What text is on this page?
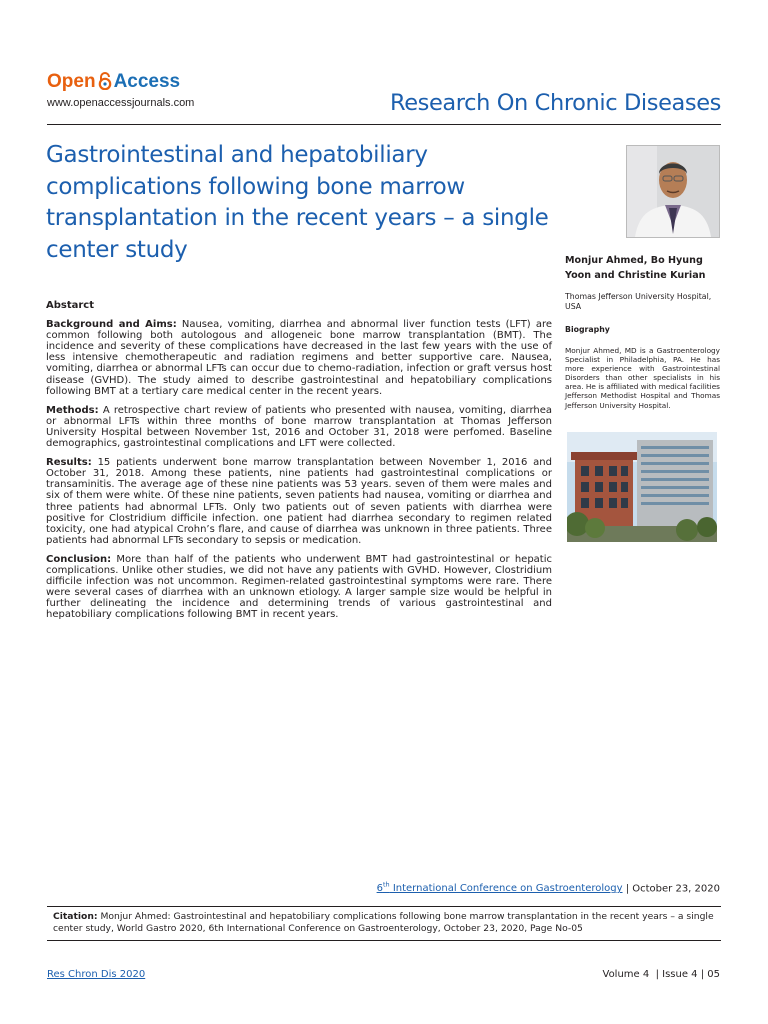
Open Access
www.openaccessjournals.com	Research On Chronic Diseases
Gastrointestinal and hepatobiliary complications following bone marrow transplantation in the recent years – a single center study
Abstarct

Background and Aims: Nausea, vomiting, diarrhea and abnormal liver function tests (LFT) are common following both autologous and allogeneic bone marrow transplantation (BMT). The incidence and severity of these complications have decreased in the last few years with the use of less intensive chemotherapeutic and radiation regimens and better supportive care. Nausea, vomiting, diarrhea or abnormal LFTs can occur due to chemo-radiation, infection or graft versus host disease (GVHD). The study aimed to describe gastrointestinal and hepatobiliary complications following BMT at a tertiary care medical center in the recent years.

Methods: A retrospective chart review of patients who presented with nausea, vomiting, diarrhea or abnormal LFTs within three months of bone marrow transplantation at Thomas Jefferson University Hospital between November 1st, 2016 and October 31, 2018 were perfomed. Baseline demographics, gastrointestinal complications and LFT were collected.

Results: 15 patients underwent bone marrow transplantation between November 1, 2016 and October 31, 2018. Among these patients, nine patients had gastrointestinal complications or transaminitis. The average age of these nine patients was 53 years. seven of them were males and six of them were white. Of these nine patients, seven patients had nausea, vomiting or diarrhea and three patients had abnormal LFTs. Only two patients out of seven patients with diarrhea were positive for Clostridium difficile infection. one patient had diarrhea secondary to regimen related toxicity, one had atypical Crohn’s flare, and cause of diarrhea was unknown in three patients. Three patients had abnormal LFTs secondary to sepsis or medication.

Conclusion: More than half of the patients who underwent BMT had gastrointestinal or hepatic complications. Unlike other studies, we did not have any patients with GVHD. However, Clostridium difficile infection was not uncommon. Regimen-related gastrointestinal symptoms were rare. There were several cases of diarrhea with an unknown etiology. A larger sample size would be helpful in further delineating the incidence and determining trends of various gastrointestinal and hepatobiliary complications following BMT in recent years.

Monjur Ahmed, Bo Hyung Yoon and Christine Kurian
Thomas Jefferson University Hospital, USA
Biography
Monjur Ahmed, MD is a Gastroenterology Specialist in Philadelphia, PA. He has more experience with Gastrointestinal Disorders than other specialists in his area. He is affiliated with medical facilities Jefferson Methodist Hospital and Thomas Jefferson University Hospital.
6th International Conference on Gastroenterology | October 23, 2020
Citation: Monjur Ahmed: Gastrointestinal and hepatobiliary complications following bone marrow transplantation in the recent years – a single center study, World Gastro 2020, 6th International Conference on Gastroenterology, October 23, 2020, Page No-05
Res Chron Dis 2020	Volume 4  | Issue 4 | 05
